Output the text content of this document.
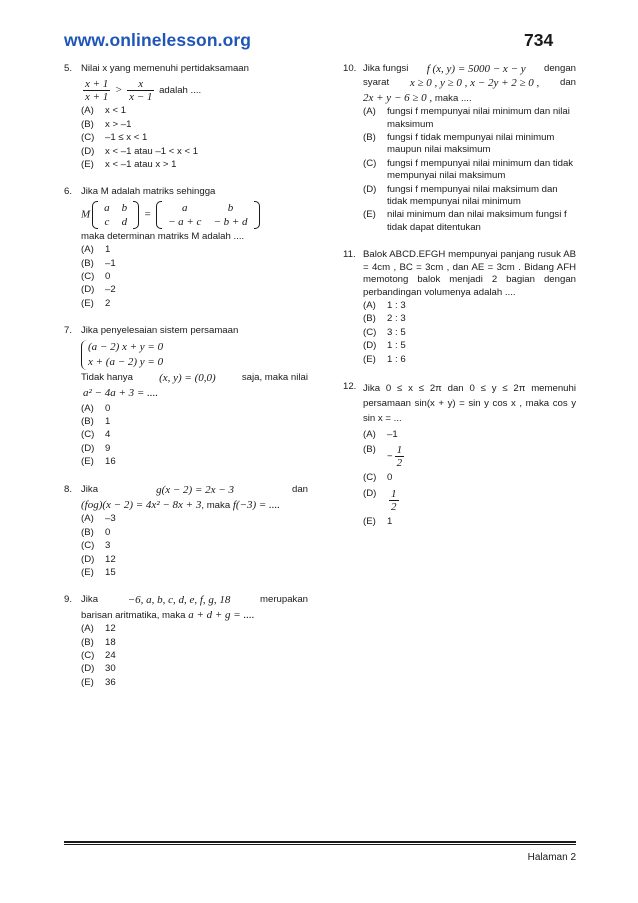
www.onlinelesson.org	734
5. Nilai x yang memenuhi pertidaksamaan
$\frac{x + 1}{x + 1} > \frac{x}{x - 1}$ adalah ....
(A) x < 1
(B) x > –1
(C) –1 ≤ x < 1
(D) x < –1 atau –1 < x < 1
(E) x < –1 atau x > 1
6. Jika M adalah matriks sehingga
M
a	b
c	d
=
a	b
− a + c	− b + d
maka determinan matriks M adalah ....
(A) 1
(B) –1
(C) 0
(D) –2
(E) 2
7. Jika penyelesaian sistem persamaan
(a − 2) x + y = 0
x + (a − 2) y = 0
Tidak hanya (x, y) = (0,0)	saja, maka nilai
a² − 4a + 3 = ....
(A) 0
(B) 1
(C) 4
(D) 9
(E) 16
8. Jika	g(x − 2) = 2x − 3	dan
(fog)(x − 2) = 4x² − 8x + 3, maka f(−3) = ....
(A) –3
(B) 0
(C) 3
(D) 12
(E) 15
9. Jika	−6, a, b, c, d, e, f, g, 18	merupakan
barisan aritmatika, maka a + d + g = ....
(A) 12
(B) 18
(C) 24
(D) 30
(E) 36
10. Jika fungsi f (x, y) = 5000 − x − y dengan
syarat x ≥ 0 , y ≥ 0 , x − 2y + 2 ≥ 0 , dan
2x + y − 6 ≥ 0 , maka ....
(A) fungsi f mempunyai nilai minimum dan nilai maksimum
(B) fungsi f tidak mempunyai nilai minimum maupun nilai maksimum
(C) fungsi f mempunyai nilai minimum dan tidak mempunyai nilai maksimum
(D) fungsi f mempunyai nilai maksimum dan tidak mempunyai nilai minimum
(E) nilai minimum dan nilai maksimum fungsi f tidak dapat ditentukan
11. Balok ABCD.EFGH mempunyai panjang rusuk AB = 4cm , BC = 3cm , dan AE = 3cm . Bidang AFH memotong balok menjadi 2 bagian dengan perbandingan volumenya adalah ....
(A) 1 : 3
(B) 2 : 3
(C) 3 : 5
(D) 1 : 5
(E) 1 : 6
12. Jika 0 ≤ x ≤ 2π dan 0 ≤ y ≤ 2π memenuhi persamaan sin(x + y) = sin y cos x , maka cos y sin x = ...
(A) –1
(B)
− $\frac{1}{2}$
(C) 0
$(D) \frac{1}{2}$
(E) 1
Halaman 2
